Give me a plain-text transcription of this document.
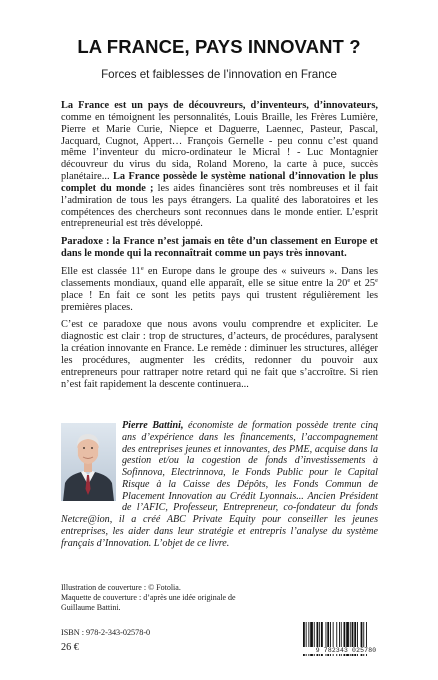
LA FRANCE, PAYS INNOVANT ?
Forces et faiblesses de l’innovation en France

La France est un pays de découvreurs, d’inventeurs, d’innovateurs, comme en témoignent les personnalités, Louis Braille, les Frères Lumière, Pierre et Marie Curie, Niepce et Daguerre, Laennec, Pasteur, Pascal, Jacquard, Cugnot, Appert… François Gernelle - peu connu c’est quand même l’inventeur du micro-ordinateur le Micral ! - Luc Montagnier découvreur du virus du sida, Roland Moreno, la carte à puce, succès planétaire... La France possède le système national d’innovation le plus complet du monde ; les aides financières sont très nombreuses et il fait l’admiration de tous les pays étrangers. La qualité des laboratoires et les compétences des chercheurs sont reconnues dans le monde entier. L’esprit entrepreneurial est très développé.

Paradoxe : la France n’est jamais en tête d’un classement en Europe et dans le monde qui la reconnaîtrait comme un pays très innovant.

Elle est classée 11e en Europe dans le groupe des « suiveurs ». Dans les classements mondiaux, quand elle apparaît, elle se situe entre la 20e et 25e place ! En fait ce sont les petits pays qui trustent régulièrement les premières places.

C’est ce paradoxe que nous avons voulu comprendre et expliciter. Le diagnostic est clair : trop de structures, d’acteurs, de procédures, paralysent la création innovante en France. Le remède : diminuer les structures, alléger les procédures, augmenter les crédits, redonner du pouvoir aux entrepreneurs pour rattraper notre retard qui ne fait que s’accroître. Si rien n’est fait rapidement la descente continuera...

Pierre Battini, économiste de formation possède trente cinq ans d’expérience dans les financements, l’accompagnement des entreprises jeunes et innovantes, des PME, acquise dans la gestion et/ou la cogestion de fonds d’investissements à Sofinnova, Electrinnova, le Fonds Public pour le Capital Risque à la Caisse des Dépôts, les Fonds Commun de Placement Innovation au Crédit Lyonnais... Ancien Président de l’AFIC, Professeur, Entrepreneur, co-fondateur du fonds Netcre@ion, il a créé ABC Private Equity pour conseiller les jeunes entreprises, les aider dans leur stratégie et entrepris l’analyse du système français d’Innovation. L’objet de ce livre.
Illustration de couverture : © Fotolia.
Maquette de couverture : d’après une idée originale de
Guillaume Battini.
ISBN : 978-2-343-02578-0
26 €	9 782343 025780
